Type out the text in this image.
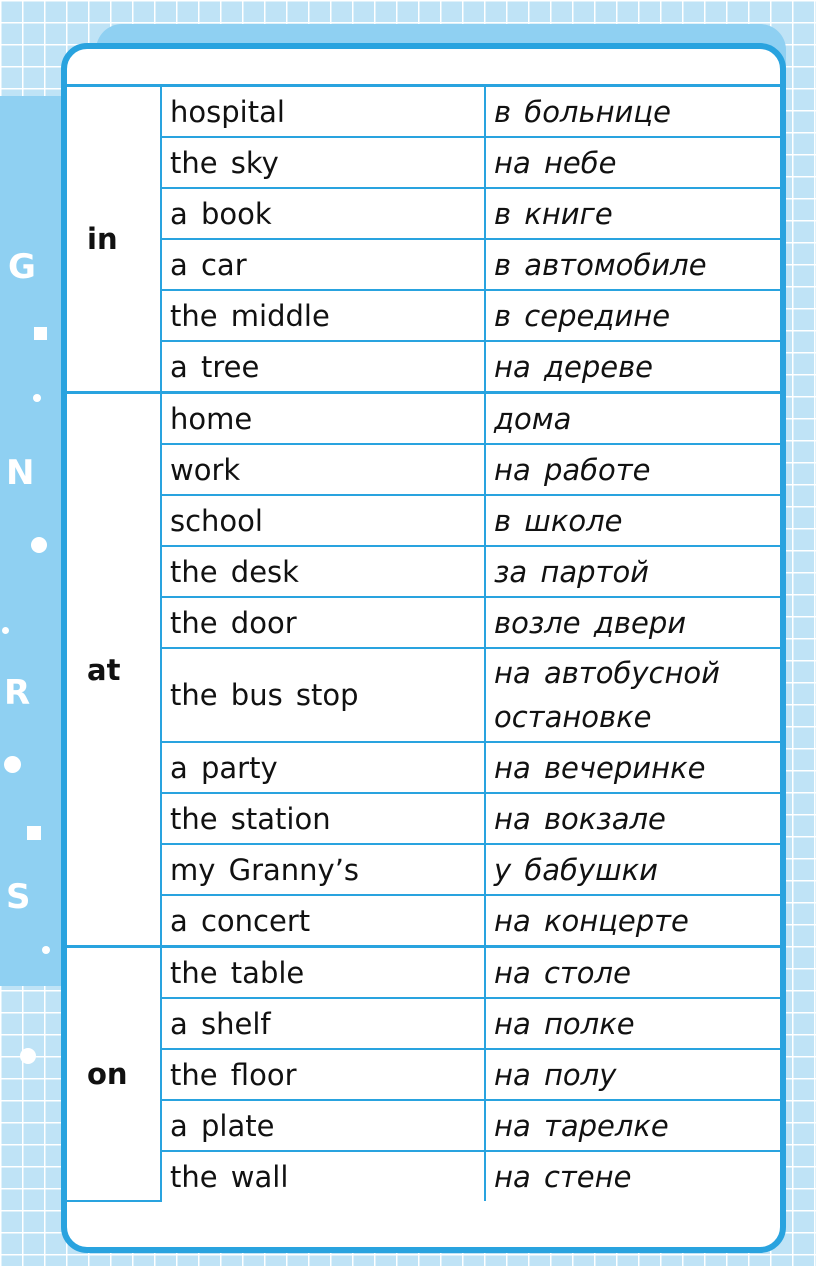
G
N
R
S
in	hospital	в больнице
	the sky	на небе
	a book	в книге
	a car	в автомобиле
	the middle	в середине
	a tree	на дереве
at	home	дома
	work	на работе
	school	в школе
	the desk	за партой
	the door	возле двери
	the bus stop	на автобусной остановке
	a party	на вечеринке
	the station	на вокзале
	my Granny’s	у бабушки
	a concert	на концерте
on	the table	на столе
	a shelf	на полке
	the floor	на полу
	a plate	на тарелке
	the wall	на стене
